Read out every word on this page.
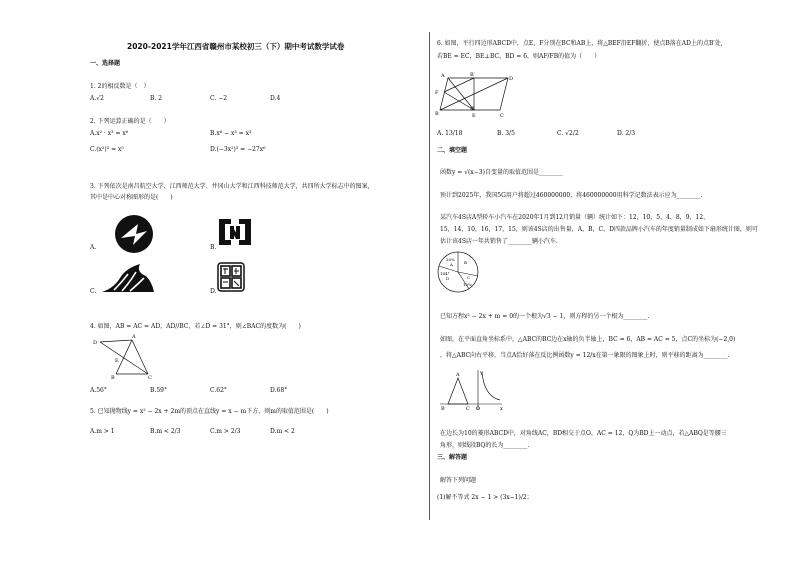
2020-2021学年江西省赣州市某校初三（下）期中考试数学试卷
一、选择题
1. 2的相反数是（　）
A.√2	B. 2	C. −2	D.4
2. 下列运算正确的是（　　）
A.x² · x³ = x⁶	B.x⁶ − x³ = x³
C.(x²)³ = x⁵	D.(−3x²)³ = −27x⁶
3. 下列依次是南昌航空大学、江西师范大学、井冈山大学和江西科技师范大学，共四所大学标志中的图案,
其中是中心对称图形的是(　　)
A.	B.
C.	D.
4. 如图，AB = AC = AD，AD//BC，若∠D = 31°，则∠BAC的度数为(　　)
D
A
E
B	C
A.56°	B.59°	C.62°	D.68°
5. 已知抛物线y = x² − 2x + 2m的顶点在直线y = x − m下方，则m的取值范围是(　　)
A.m > 1	B.m < 2/3	C.m > 2/3	D.m < 2
6. 如图，平行四边形ABCD中，点E，F分别在BC和AB上，将△BEF沿EF翻折，使点B落在AD上的点B′处,
若BE = EC，BE⊥BC，BD = 6，则AF/FB的值为（　　）
A	B′
D
F
B	E	C
A. 13/18	B. 3/5	C. √2/2	D. 2/3
二、填空题
函数y = √(x−3)自变量的取值范围是________
预计到2025年，我国5G用户将超过460000000，将460000000用科学记数法表示应为________.
某汽车4S店A型轿车小汽车在2020年1月到12月销量（辆）统计如下：12，10，5，4，8，9，12，
15，14，10，16，17，15，则该4S店的出售量，A，B，C，D四款品牌小汽车的年度销量制成如下扇形统计图，则可
估计该4S店一年共销售了________辆小汽车.
20%
A
144°
D
B
C
10%
已知方程x² − 2x + m = 0的一个根为√3 − 1，则方程的另一个根为________.
如图，在平面直角坐标系中，△ABC的BC边在x轴的负半轴上，BC = 6，AB = AC = 5，点C的坐标为(−2,0)
，将△ABC向右平移，当点A恰好落在反比例函数y = 12/x在第一象限的图象上时，则平移的距离为________.
y
A
B	C O	x
在边长为10的菱形ABCD中，对角线AC，BD相交于点O，AC = 12，Q为BD上一动点，若△ABQ是等腰三
角形，则线段BQ的长为________.
三、解答题
解答下列问题
(1)解不等式 2x − 1 > (3x−1)/2；
